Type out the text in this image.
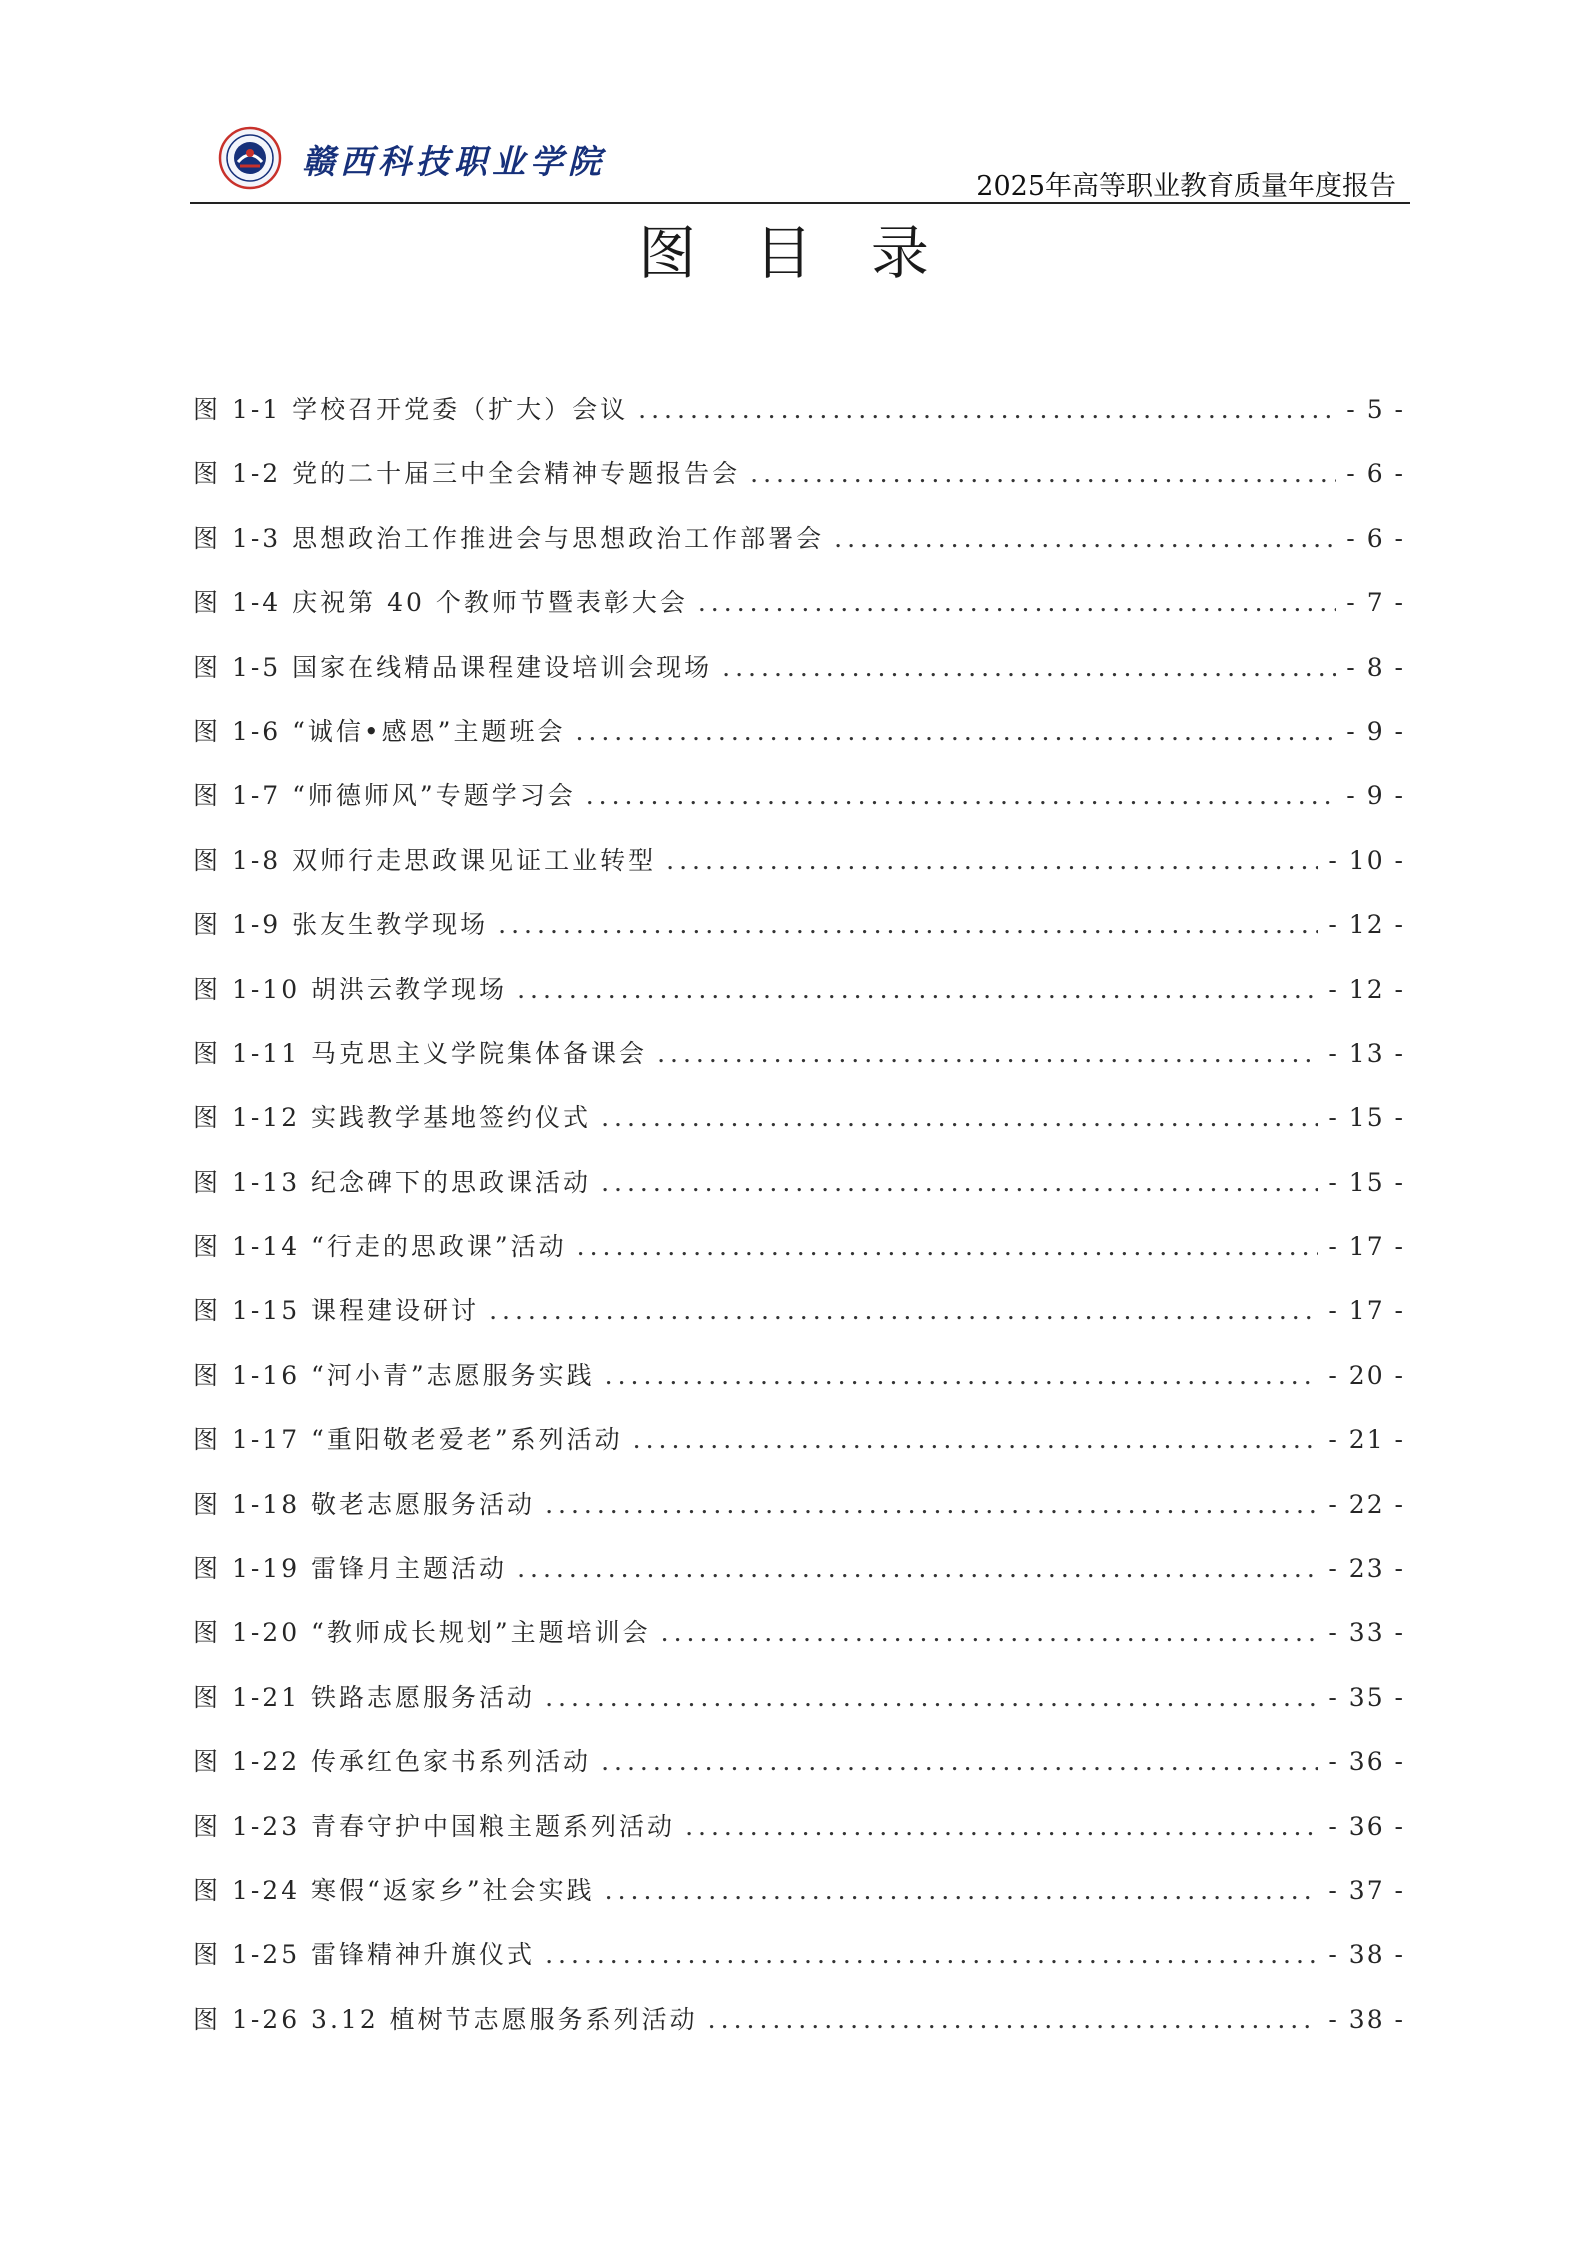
赣西科技职业学院
2025年高等职业教育质量年度报告
图 目 录
图 1-1 学校召开党委（扩大）会议 .....	- 5 -
图 1-2 党的二十届三中全会精神专题报告会 .....	- 6 -
图 1-3 思想政治工作推进会与思想政治工作部署会 .....	- 6 -
图 1-4 庆祝第 40 个教师节暨表彰大会 .....	- 7 -
图 1-5 国家在线精品课程建设培训会现场 .....	- 8 -
图 1-6 “诚信•感恩”主题班会 .....	- 9 -
图 1-7 “师德师风”专题学习会 .....	- 9 -
图 1-8 双师行走思政课见证工业转型 .....	- 10 -
图 1-9 张友生教学现场 .....	- 12 -
图 1-10 胡洪云教学现场 .....	- 12 -
图 1-11 马克思主义学院集体备课会 .....	- 13 -
图 1-12 实践教学基地签约仪式 .....	- 15 -
图 1-13 纪念碑下的思政课活动 .....	- 15 -
图 1-14 “行走的思政课”活动 .....	- 17 -
图 1-15 课程建设研讨 .....	- 17 -
图 1-16 “河小青”志愿服务实践 .....	- 20 -
图 1-17 “重阳敬老爱老”系列活动 .....	- 21 -
图 1-18 敬老志愿服务活动 .....	- 22 -
图 1-19 雷锋月主题活动 .....	- 23 -
图 1-20 “教师成长规划”主题培训会 .....	- 33 -
图 1-21 铁路志愿服务活动 .....	- 35 -
图 1-22 传承红色家书系列活动 .....	- 36 -
图 1-23 青春守护中国粮主题系列活动 .....	- 36 -
图 1-24 寒假“返家乡”社会实践 .....	- 37 -
图 1-25 雷锋精神升旗仪式 .....	- 38 -
图 1-26 3.12 植树节志愿服务系列活动 .....	- 38 -
